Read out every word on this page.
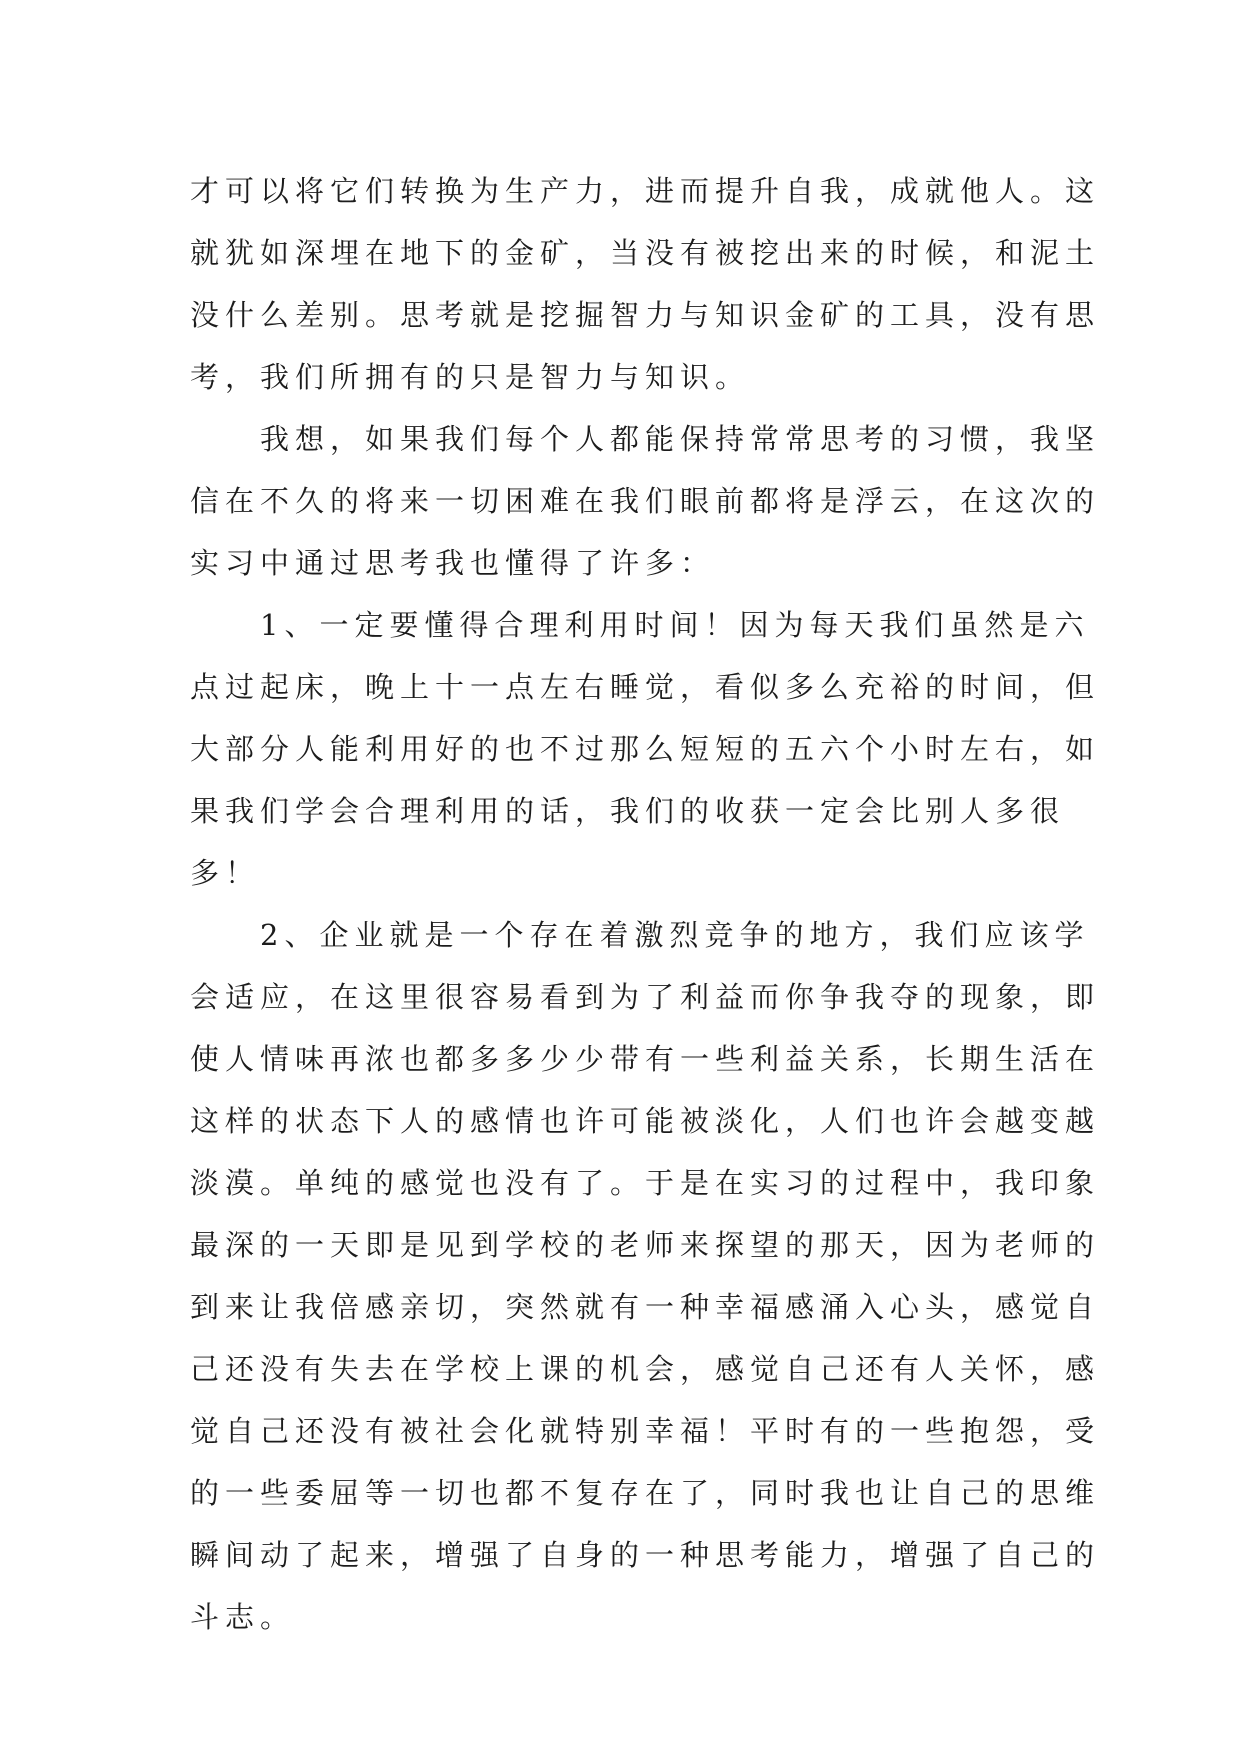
才可以将它们转换为生产力，进而提升自我，成就他人。这
就犹如深埋在地下的金矿，当没有被挖出来的时候，和泥土
没什么差别。思考就是挖掘智力与知识金矿的工具，没有思
考，我们所拥有的只是智力与知识。
我想，如果我们每个人都能保持常常思考的习惯，我坚
信在不久的将来一切困难在我们眼前都将是浮云，在这次的
实习中通过思考我也懂得了许多：
1、一定要懂得合理利用时间！因为每天我们虽然是六
点过起床，晚上十一点左右睡觉，看似多么充裕的时间，但
大部分人能利用好的也不过那么短短的五六个小时左右，如
果我们学会合理利用的话，我们的收获一定会比别人多很
多！
2、企业就是一个存在着激烈竞争的地方，我们应该学
会适应，在这里很容易看到为了利益而你争我夺的现象，即
使人情味再浓也都多多少少带有一些利益关系，长期生活在
这样的状态下人的感情也许可能被淡化，人们也许会越变越
淡漠。单纯的感觉也没有了。于是在实习的过程中，我印象
最深的一天即是见到学校的老师来探望的那天，因为老师的
到来让我倍感亲切，突然就有一种幸福感涌入心头，感觉自
己还没有失去在学校上课的机会，感觉自己还有人关怀，感
觉自己还没有被社会化就特别幸福！平时有的一些抱怨，受
的一些委屈等一切也都不复存在了，同时我也让自己的思维
瞬间动了起来，增强了自身的一种思考能力，增强了自己的
斗志。
